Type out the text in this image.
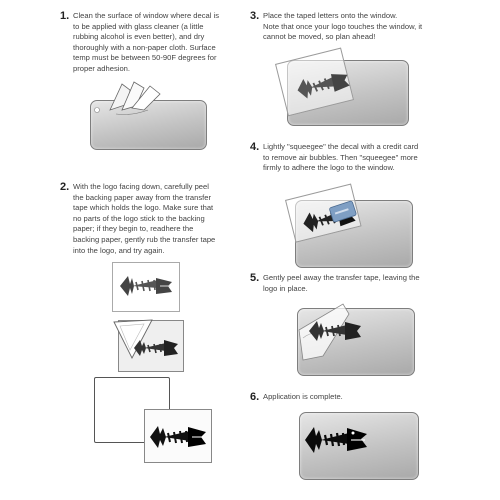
1. Clean the surface of window where decal is
to be applied with glass cleaner (a little
rubbing alcohol is even better), and dry
thoroughly with a non-paper cloth. Surface
temp must be between 50-90F degrees for
proper adhesion.
2. With the logo facing down, carefully peel
the backing paper away from the transfer
tape which holds the logo. Make sure that
no parts of the logo stick to the backing
paper; if they begin to, readhere the
backing paper, gently rub the transfer tape
into the logo, and try again.
3. Place the taped letters onto the window.
Note that once your logo touches the window, it
cannot be moved, so plan ahead!
4. Lightly "squeegee" the decal with a credit card
to remove air bubbles. Then "squeegee" more
firmly to adhere the logo to the window.
5. Gently peel away the transfer tape, leaving the
logo in place.
6. Application is complete.
